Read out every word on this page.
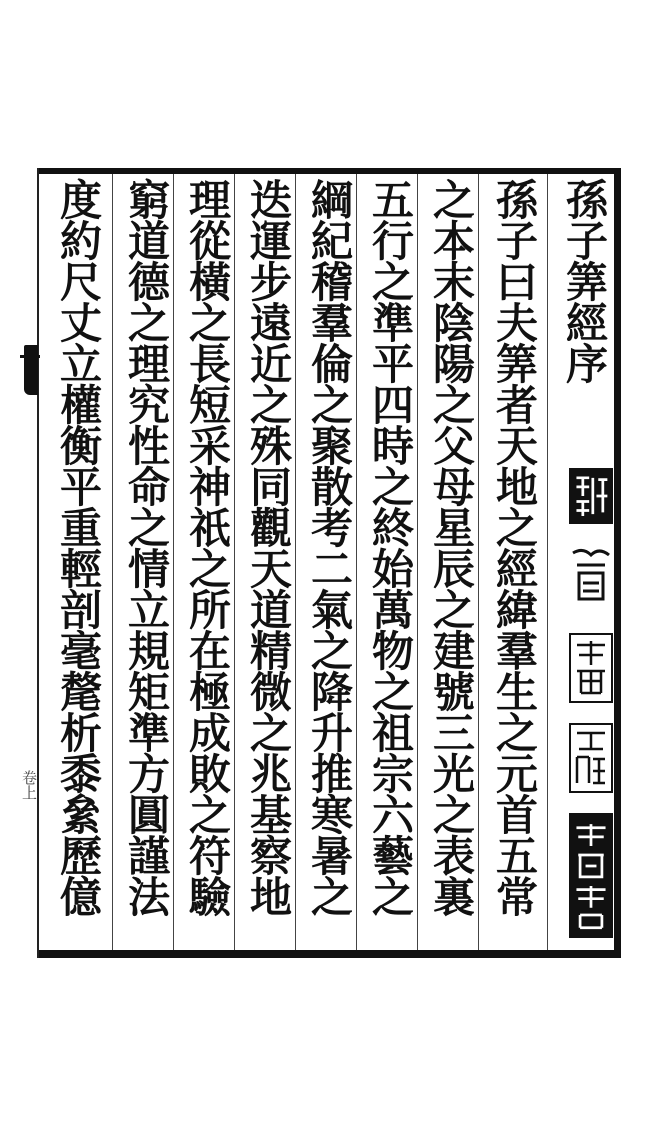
孫子筭經序
孫子曰夫筭者天地之經緯羣生之元首五常
之本末陰陽之父母星辰之建號三光之表裏
五行之準平四時之終始萬物之祖宗六藝之
綱紀稽羣倫之聚散考二氣之降升推寒暑之
迭運步遠近之殊同觀天道精微之兆基察地
理從橫之長短采神祇之所在極成敗之符驗
窮道德之理究性命之情立規矩準方圓謹法
度約尺丈立權衡平重輕剖毫氂析黍絫歷億
卷上
